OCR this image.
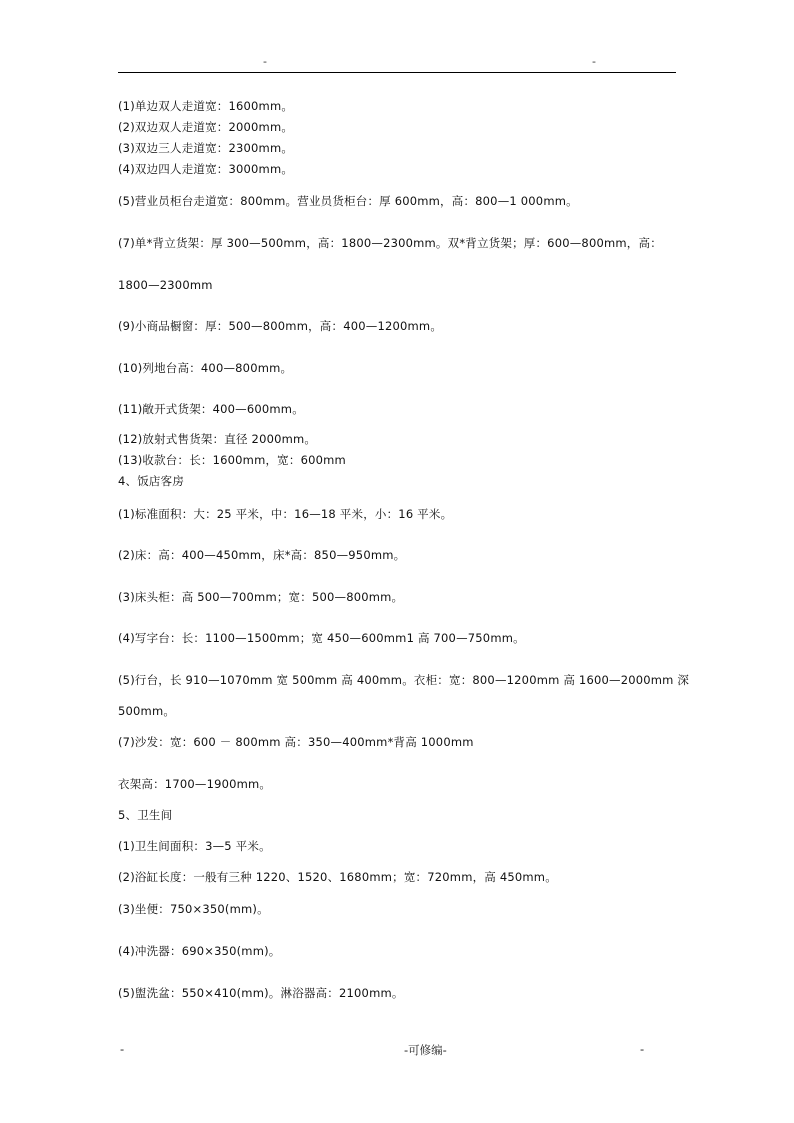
-	-
(1)单边双人走道宽：1600mm。
(2)双边双人走道宽：2000mm。
(3)双边三人走道宽：2300mm。
(4)双边四人走道宽：3000mm。
(5)营业员柜台走道宽：800mm。营业员货柜台：厚 600mm，高：800—1 000mm。
(7)单*背立货架：厚 300—500mm，高：1800—2300mm。双*背立货架；厚：600—800mm，高：
1800—2300mm
(9)小商品橱窗：厚：500—800mm，高：400—1200mm。
(10)列地台高：400—800mm。
(11)敞开式货架：400—600mm。
(12)放射式售货架：直径 2000mm。
(13)收款台：长：1600mm，宽：600mm
4、饭店客房
(1)标准面积：大：25 平米，中：16—18 平米，小：16 平米。
(2)床：高：400—450mm，床*高：850—950mm。
(3)床头柜：高 500—700mm；宽：500—800mm。
(4)写字台：长：1100—1500mm；宽 450—600mm1 高 700—750mm。
(5)行台，长 910—1070mm 宽 500mm 高 400mm。衣柜：宽：800—1200mm 高 1600—2000mm 深
500mm。
(7)沙发：宽：600 － 800mm 高：350—400mm*背高 1000mm
衣架高：1700—1900mm。
5、卫生间
(1)卫生间面积：3—5 平米。
(2)浴缸长度：一般有三种 1220、1520、1680mm；宽：720mm，高 450mm。
(3)坐便：750×350(mm)。
(4)冲洗器：690×350(mm)。
(5)盥洗盆：550×410(mm)。淋浴器高：2100mm。
-	-可修编-	-
